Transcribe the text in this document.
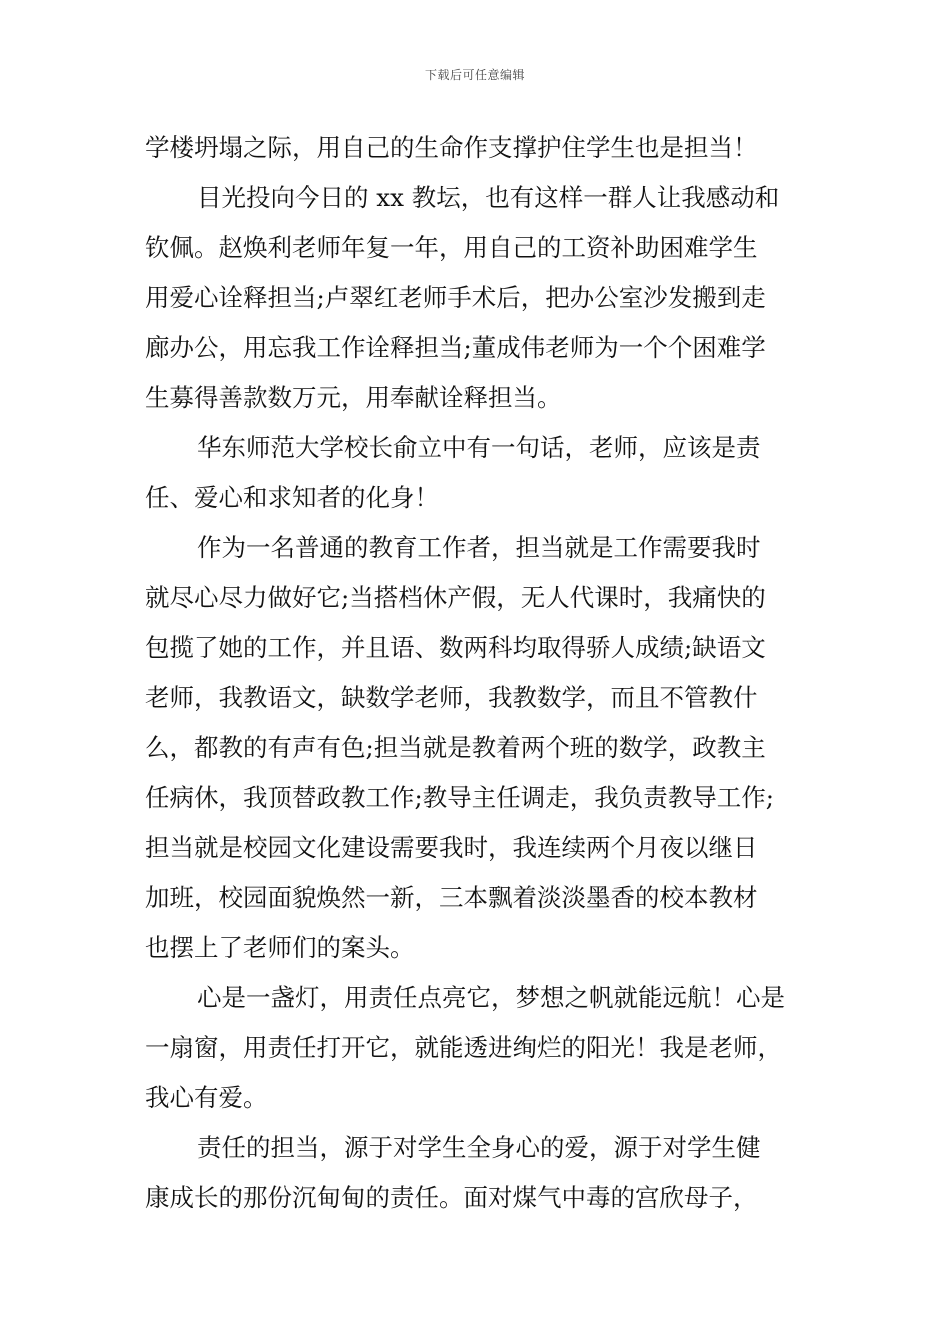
下载后可任意编辑
学楼坍塌之际，用自己的生命作支撑护住学生也是担当！
目光投向今日的 xx 教坛，也有这样一群人让我感动和
钦佩。赵焕利老师年复一年，用自己的工资补助困难学生
用爱心诠释担当;卢翠红老师手术后，把办公室沙发搬到走
廊办公，用忘我工作诠释担当;董成伟老师为一个个困难学
生募得善款数万元，用奉献诠释担当。
华东师范大学校长俞立中有一句话，老师，应该是责
任、爱心和求知者的化身！
作为一名普通的教育工作者，担当就是工作需要我时
就尽心尽力做好它;当搭档休产假，无人代课时，我痛快的
包揽了她的工作，并且语、数两科均取得骄人成绩;缺语文
老师，我教语文，缺数学老师，我教数学，而且不管教什
么，都教的有声有色;担当就是教着两个班的数学，政教主
任病休，我顶替政教工作;教导主任调走，我负责教导工作;
担当就是校园文化建设需要我时，我连续两个月夜以继日
加班，校园面貌焕然一新，三本飘着淡淡墨香的校本教材
也摆上了老师们的案头。
心是一盏灯，用责任点亮它，梦想之帆就能远航！心是
一扇窗，用责任打开它，就能透进绚烂的阳光！我是老师，
我心有爱。
责任的担当，源于对学生全身心的爱，源于对学生健
康成长的那份沉甸甸的责任。面对煤气中毒的宫欣母子，
